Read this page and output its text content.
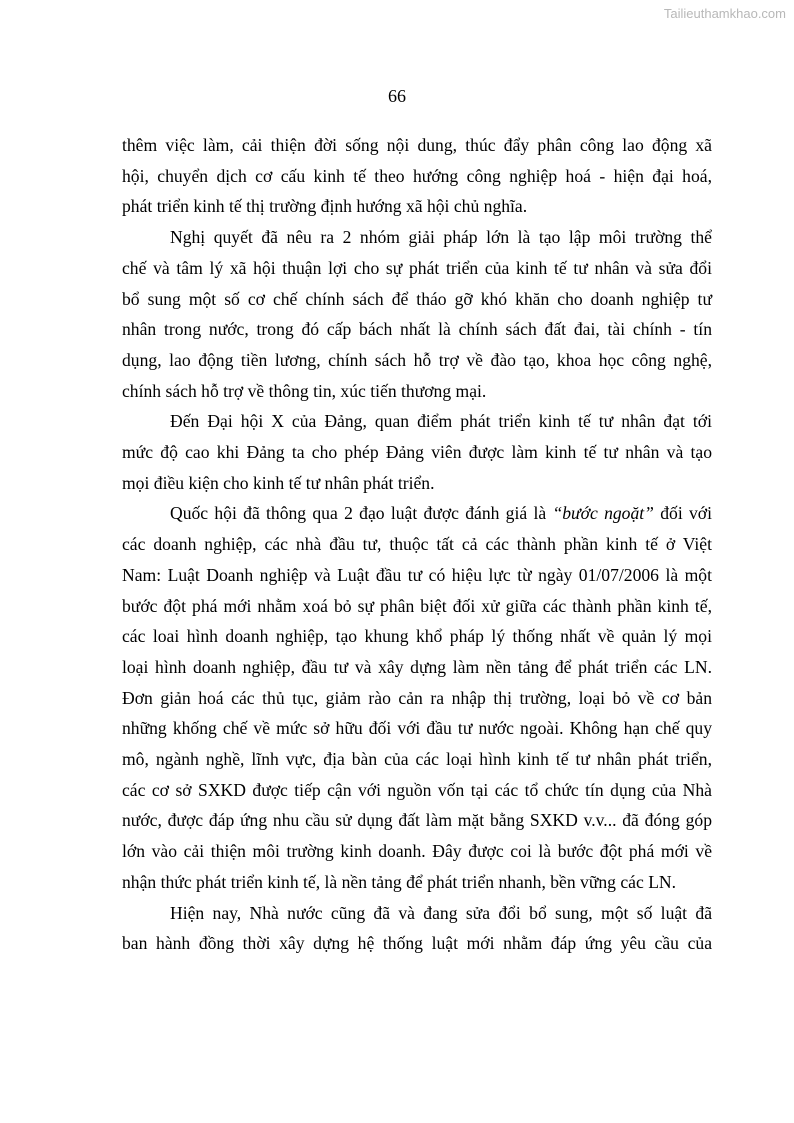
Tailieuthamkhao.com
66

thêm việc làm, cải thiện đời sống nội dung, thúc đẩy phân công lao động xã

hội, chuyển dịch cơ cấu kinh tế theo hướng công nghiệp hoá - hiện đại hoá,

phát triển kinh tế thị trường định hướng xã hội chủ nghĩa.

Nghị quyết đã nêu ra 2 nhóm giải pháp lớn là tạo lập môi trường thể

chế và tâm lý xã hội thuận lợi cho sự phát triển của kinh tế tư nhân và sửa đổi

bổ sung một số cơ chế chính sách để tháo gỡ khó khăn cho doanh nghiệp tư

nhân trong nước, trong đó cấp bách nhất là chính sách đất đai, tài chính - tín

dụng, lao động tiền lương, chính sách hỗ trợ về đào tạo, khoa học công nghệ,

chính sách hỗ trợ về thông tin, xúc tiến thương mại.

Đến Đại hội X của Đảng, quan điểm phát triển kinh tế tư nhân đạt tới

mức độ cao khi Đảng ta cho phép Đảng viên được làm kinh tế tư nhân và tạo

mọi điều kiện cho kinh tế tư nhân phát triển.

Quốc hội đã thông qua 2 đạo luật được đánh giá là “bước ngoặt” đối với

các doanh nghiệp, các nhà đầu tư, thuộc tất cả các thành phần kinh tế ở Việt

Nam: Luật Doanh nghiệp và Luật đầu tư có hiệu lực từ ngày 01/07/2006 là một

bước đột phá mới nhằm xoá bỏ sự phân biệt đối xử giữa các thành phần kinh tế,

các loai hình doanh nghiệp, tạo khung khổ pháp lý thống nhất về quản lý mọi

loại hình doanh nghiệp, đầu tư và xây dựng làm nền tảng để phát triển các LN.

Đơn giản hoá các thủ tục, giảm rào cản ra nhập thị trường, loại bỏ về cơ bản

những khống chế về mức sở hữu đối với đầu tư nước ngoài. Không hạn chế quy

mô, ngành nghề, lĩnh vực, địa bàn của các loại hình kinh tế tư nhân phát triển,

các cơ sở SXKD được tiếp cận với nguồn vốn tại các tổ chức tín dụng của Nhà

nước, được đáp ứng nhu cầu sử dụng đất làm mặt bằng SXKD v.v... đã đóng góp

lớn vào cải thiện môi trường kinh doanh. Đây được coi là bước đột phá mới về

nhận thức phát triển kinh tế, là nền tảng để phát triển nhanh, bền vững các LN.

Hiện nay, Nhà nước cũng đã và đang sửa đổi bổ sung, một số luật đã

ban hành đồng thời xây dựng hệ thống luật mới nhằm đáp ứng yêu cầu của
